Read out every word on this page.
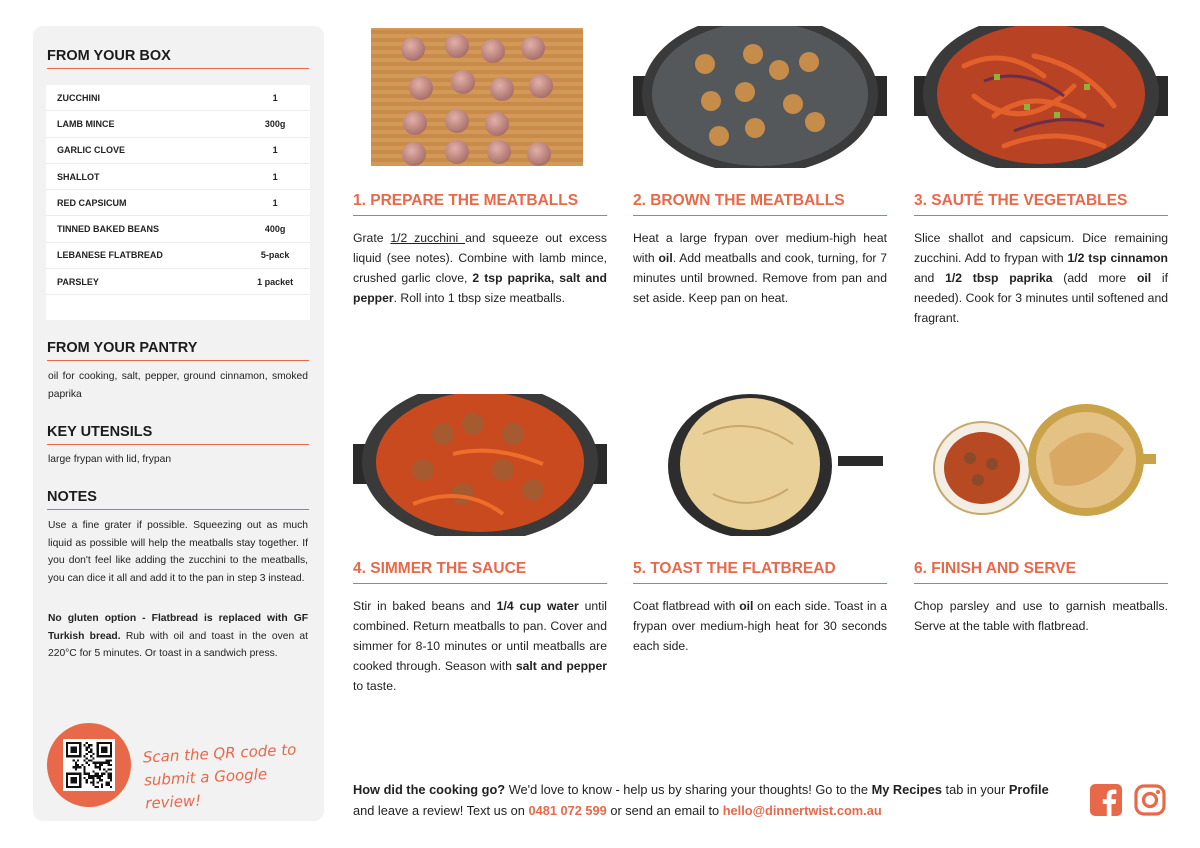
FROM YOUR BOX
ZUCCHINI	1
LAMB MINCE	300g
GARLIC CLOVE	1
SHALLOT	1
RED CAPSICUM	1
TINNED BAKED BEANS	400g
LEBANESE FLATBREAD	5-pack
PARSLEY	1 packet
FROM YOUR PANTRY
oil for cooking, salt, pepper, ground cinnamon, smoked paprika
KEY UTENSILS
large frypan with lid, frypan
NOTES
Use a fine grater if possible. Squeezing out as much liquid as possible will help the meatballs stay together. If you don't feel like adding the zucchini to the meatballs, you can dice it all and add it to the pan in step 3 instead.
No gluten option - Flatbread is replaced with GF Turkish bread. Rub with oil and toast in the oven at 220°C for 5 minutes. Or toast in a sandwich press.
Scan the QR code to
submit a Google review!
1. PREPARE THE MEATBALLS
Grate 1/2 zucchini and squeeze out excess liquid (see notes). Combine with lamb mince, crushed garlic clove, 2 tsp paprika, salt and pepper. Roll into 1 tbsp size meatballs.
2. BROWN THE MEATBALLS
Heat a large frypan over medium-high heat with oil. Add meatballs and cook, turning, for 7 minutes until browned. Remove from pan and set aside. Keep pan on heat.
3. SAUTÉ THE VEGETABLES
Slice shallot and capsicum. Dice remaining zucchini. Add to frypan with 1/2 tsp cinnamon and 1/2 tbsp paprika (add more oil if needed). Cook for 3 minutes until softened and fragrant.
4. SIMMER THE SAUCE
Stir in baked beans and 1/4 cup water until combined. Return meatballs to pan. Cover and simmer for 8-10 minutes or until meatballs are cooked through. Season with salt and pepper to taste.
5. TOAST THE FLATBREAD
Coat flatbread with oil on each side. Toast in a frypan over medium-high heat for 30 seconds each side.
6. FINISH AND SERVE
Chop parsley and use to garnish meatballs. Serve at the table with flatbread.
How did the cooking go? We'd love to know - help us by sharing your thoughts! Go to the My Recipes tab in your Profile and leave a review! Text us on 0481 072 599 or send an email to hello@dinnertwist.com.au
